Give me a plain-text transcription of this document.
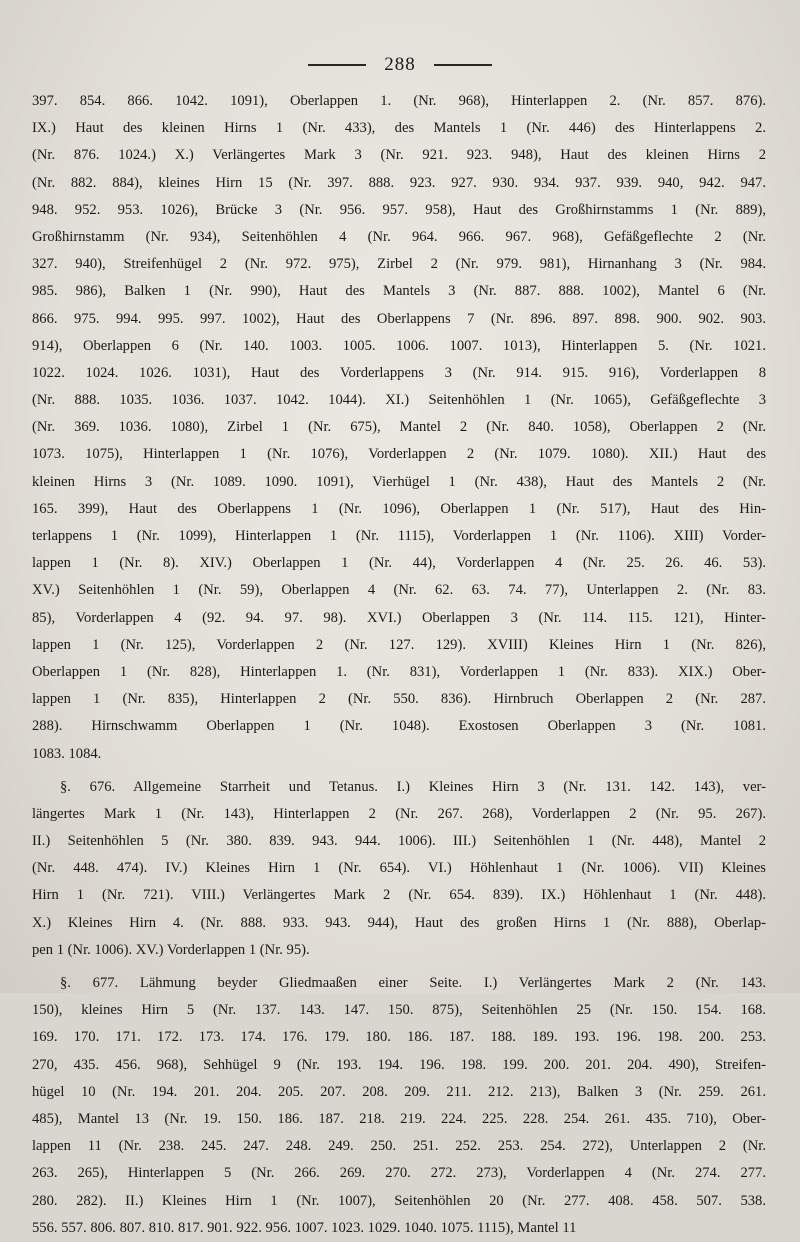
288
397. 854. 866. 1042. 1091), Oberlappen 1. (Nr. 968), Hinterlappen 2. (Nr. 857. 876).
IX.) Haut des kleinen Hirns 1 (Nr. 433), des Mantels 1 (Nr. 446) des Hinterlappens 2.
(Nr. 876. 1024.) X.) Verlängertes Mark 3 (Nr. 921. 923. 948), Haut des kleinen Hirns 2
(Nr. 882. 884), kleines Hirn 15 (Nr. 397. 888. 923. 927. 930. 934. 937. 939. 940, 942. 947.
948. 952. 953. 1026), Brücke 3 (Nr. 956. 957. 958), Haut des Großhirnstamms 1 (Nr. 889),
Großhirnstamm (Nr. 934), Seitenhöhlen 4 (Nr. 964. 966. 967. 968), Gefäßgeflechte 2 (Nr.
327. 940), Streifenhügel 2 (Nr. 972. 975), Zirbel 2 (Nr. 979. 981), Hirnanhang 3 (Nr. 984.
985. 986), Balken 1 (Nr. 990), Haut des Mantels 3 (Nr. 887. 888. 1002), Mantel 6 (Nr.
866. 975. 994. 995. 997. 1002), Haut des Oberlappens 7 (Nr. 896. 897. 898. 900. 902. 903.
914), Oberlappen 6 (Nr. 140. 1003. 1005. 1006. 1007. 1013), Hinterlappen 5. (Nr. 1021.
1022. 1024. 1026. 1031), Haut des Vorderlappens 3 (Nr. 914. 915. 916), Vorderlappen 8
(Nr. 888. 1035. 1036. 1037. 1042. 1044). XI.) Seitenhöhlen 1 (Nr. 1065), Gefäßgeflechte 3
(Nr. 369. 1036. 1080), Zirbel 1 (Nr. 675), Mantel 2 (Nr. 840. 1058), Oberlappen 2 (Nr.
1073. 1075), Hinterlappen 1 (Nr. 1076), Vorderlappen 2 (Nr. 1079. 1080). XII.) Haut des
kleinen Hirns 3 (Nr. 1089. 1090. 1091), Vierhügel 1 (Nr. 438), Haut des Mantels 2 (Nr.
165. 399), Haut des Oberlappens 1 (Nr. 1096), Oberlappen 1 (Nr. 517), Haut des Hin-
terlappens 1 (Nr. 1099), Hinterlappen 1 (Nr. 1115), Vorderlappen 1 (Nr. 1106). XIII) Vorder-
lappen 1 (Nr. 8). XIV.) Oberlappen 1 (Nr. 44), Vorderlappen 4 (Nr. 25. 26. 46. 53).
XV.) Seitenhöhlen 1 (Nr. 59), Oberlappen 4 (Nr. 62. 63. 74. 77), Unterlappen 2. (Nr. 83.
85), Vorderlappen 4 (92. 94. 97. 98). XVI.) Oberlappen 3 (Nr. 114. 115. 121), Hinter-
lappen 1 (Nr. 125), Vorderlappen 2 (Nr. 127. 129). XVIII) Kleines Hirn 1 (Nr. 826),
Oberlappen 1 (Nr. 828), Hinterlappen 1. (Nr. 831), Vorderlappen 1 (Nr. 833). XIX.) Ober-
lappen 1 (Nr. 835), Hinterlappen 2 (Nr. 550. 836). Hirnbruch Oberlappen 2 (Nr. 287.
288). Hirnschwamm Oberlappen 1 (Nr. 1048). Exostosen Oberlappen 3 (Nr. 1081.
1083. 1084.
§. 676. Allgemeine Starrheit und Tetanus. I.) Kleines Hirn 3 (Nr. 131. 142. 143), ver-
längertes Mark 1 (Nr. 143), Hinterlappen 2 (Nr. 267. 268), Vorderlappen 2 (Nr. 95. 267).
II.) Seitenhöhlen 5 (Nr. 380. 839. 943. 944. 1006). III.) Seitenhöhlen 1 (Nr. 448), Mantel 2
(Nr. 448. 474). IV.) Kleines Hirn 1 (Nr. 654). VI.) Höhlenhaut 1 (Nr. 1006). VII) Kleines
Hirn 1 (Nr. 721). VIII.) Verlängertes Mark 2 (Nr. 654. 839). IX.) Höhlenhaut 1 (Nr. 448).
X.) Kleines Hirn 4. (Nr. 888. 933. 943. 944), Haut des großen Hirns 1 (Nr. 888), Oberlap-
pen 1 (Nr. 1006). XV.) Vorderlappen 1 (Nr. 95).
§. 677. Lähmung beyder Gliedmaaßen einer Seite. I.) Verlängertes Mark 2 (Nr. 143.
150), kleines Hirn 5 (Nr. 137. 143. 147. 150. 875), Seitenhöhlen 25 (Nr. 150. 154. 168.
169. 170. 171. 172. 173. 174. 176. 179. 180. 186. 187. 188. 189. 193. 196. 198. 200. 253.
270, 435. 456. 968), Sehhügel 9 (Nr. 193. 194. 196. 198. 199. 200. 201. 204. 490), Streifen-
hügel 10 (Nr. 194. 201. 204. 205. 207. 208. 209. 211. 212. 213), Balken 3 (Nr. 259. 261.
485), Mantel 13 (Nr. 19. 150. 186. 187. 218. 219. 224. 225. 228. 254. 261. 435. 710), Ober-
lappen 11 (Nr. 238. 245. 247. 248. 249. 250. 251. 252. 253. 254. 272), Unterlappen 2 (Nr.
263. 265), Hinterlappen 5 (Nr. 266. 269. 270. 272. 273), Vorderlappen 4 (Nr. 274. 277.
280. 282). II.) Kleines Hirn 1 (Nr. 1007), Seitenhöhlen 20 (Nr. 277. 408. 458. 507. 538.
556. 557. 806. 807. 810. 817. 901. 922. 956. 1007. 1023. 1029. 1040. 1075. 1115), Mantel 11
